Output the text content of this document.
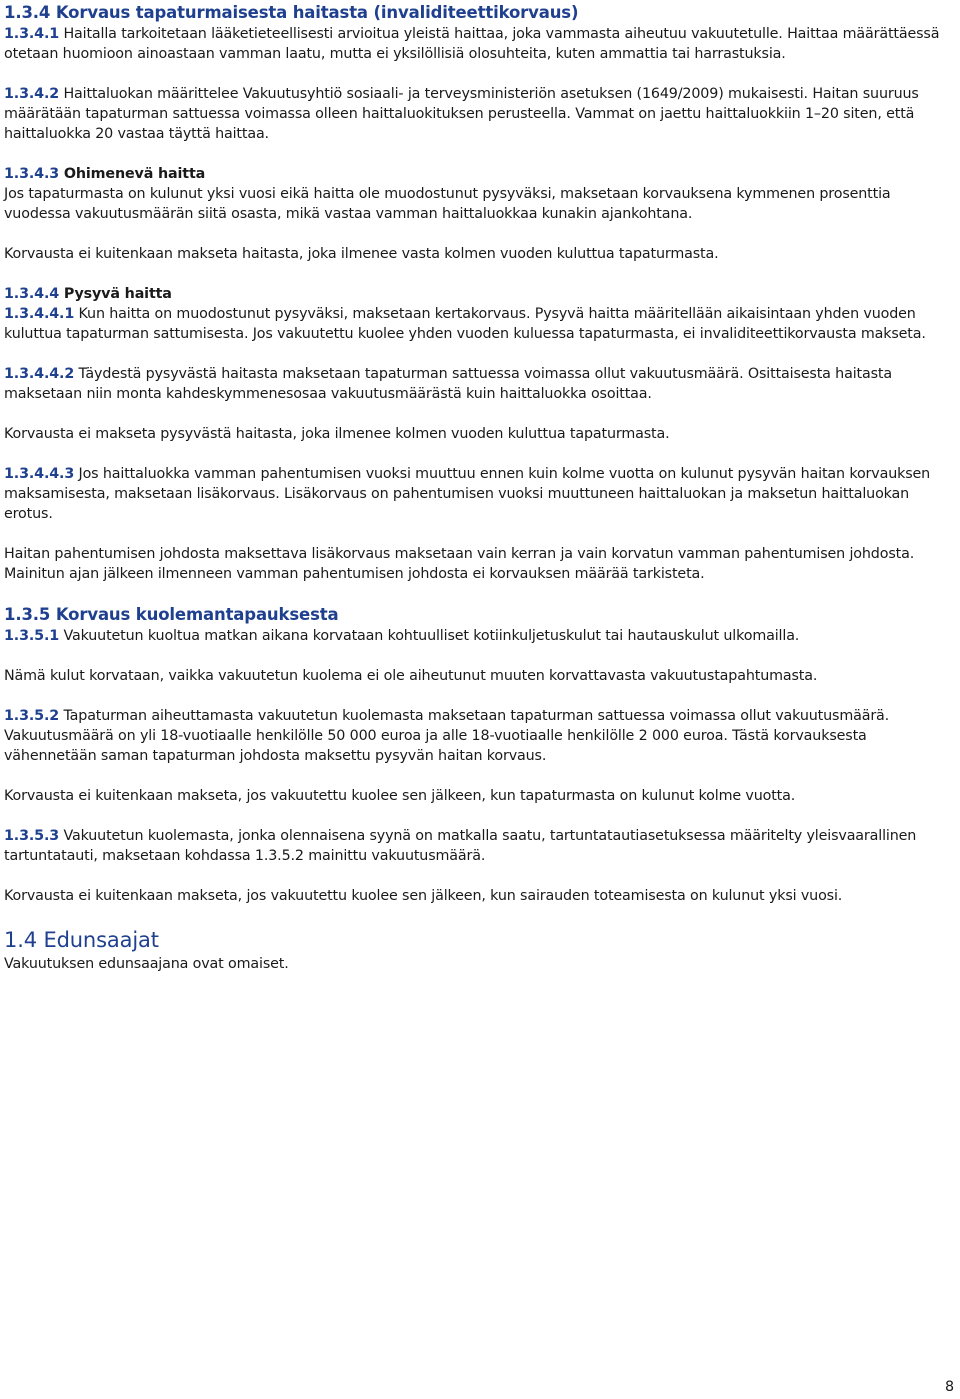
1.3.4 Korvaus tapaturmaisesta haitasta (invaliditeettikorvaus)

1.3.4.1 Haitalla tarkoitetaan lääketieteellisesti arvioitua yleistä haittaa, joka vammasta aiheutuu vakuutetulle. Haittaa määrättäessä otetaan huomioon ainoastaan vamman laatu, mutta ei yksilöllisiä olosuhteita, kuten ammattia tai harrastuksia.

1.3.4.2 Haittaluokan määrittelee Vakuutusyhtiö sosiaali- ja terveysministeriön asetuksen (1649/2009) mukaisesti. Haitan suuruus määrätään tapaturman sattuessa voimassa olleen haittaluokituksen perusteella. Vammat on jaettu haittaluokkiin 1–20 siten, että haittaluokka 20 vastaa täyttä haittaa.

1.3.4.3 Ohimenevä haitta

Jos tapaturmasta on kulunut yksi vuosi eikä haitta ole muodostunut pysyväksi, maksetaan korvauksena kymmenen prosenttia vuodessa vakuutusmäärän siitä osasta, mikä vastaa vamman haittaluokkaa kunakin ajankohtana.

Korvausta ei kuitenkaan makseta haitasta, joka ilmenee vasta kolmen vuoden kuluttua tapaturmasta.

1.3.4.4 Pysyvä haitta

1.3.4.4.1 Kun haitta on muodostunut pysyväksi, maksetaan kertakorvaus. Pysyvä haitta määritellään aikaisintaan yhden vuoden kuluttua tapaturman sattumisesta. Jos vakuutettu kuolee yhden vuoden kuluessa tapaturmasta, ei invaliditeettikorvausta makseta.

1.3.4.4.2 Täydestä pysyvästä haitasta maksetaan tapaturman sattuessa voimassa ollut vakuutusmäärä. Osittaisesta haitasta maksetaan niin monta kahdeskymmenesosaa vakuutusmäärästä kuin haittaluokka osoittaa.

Korvausta ei makseta pysyvästä haitasta, joka ilmenee kolmen vuoden kuluttua tapaturmasta.

1.3.4.4.3 Jos haittaluokka vamman pahentumisen vuoksi muuttuu ennen kuin kolme vuotta on kulunut pysyvän haitan korvauksen maksamisesta, maksetaan lisäkorvaus. Lisäkorvaus on pahentumisen vuoksi muuttuneen haittaluokan ja maksetun haittaluokan erotus.

Haitan pahentumisen johdosta maksettava lisäkorvaus maksetaan vain kerran ja vain korvatun vamman pahentumisen johdosta. Mainitun ajan jälkeen ilmenneen vamman pahentumisen johdosta ei korvauksen määrää tarkisteta.

1.3.5 Korvaus kuolemantapauksesta

1.3.5.1 Vakuutetun kuoltua matkan aikana korvataan kohtuulliset kotiinkuljetuskulut tai hautauskulut ulkomailla.

Nämä kulut korvataan, vaikka vakuutetun kuolema ei ole aiheutunut muuten korvattavasta vakuutustapahtumasta.

1.3.5.2 Tapaturman aiheuttamasta vakuutetun kuolemasta maksetaan tapaturman sattuessa voimassa ollut vakuutusmäärä. Vakuutusmäärä on yli 18-vuotiaalle henkilölle 50 000 euroa ja alle 18-vuotiaalle henkilölle 2 000 euroa. Tästä korvauksesta vähennetään saman tapaturman johdosta maksettu pysyvän haitan korvaus.

Korvausta ei kuitenkaan makseta, jos vakuutettu kuolee sen jälkeen, kun tapaturmasta on kulunut kolme vuotta.

1.3.5.3 Vakuutetun kuolemasta, jonka olennaisena syynä on matkalla saatu, tartuntatautiasetuksessa määritelty yleisvaarallinen tartuntatauti, maksetaan kohdassa 1.3.5.2 mainittu vakuutusmäärä.

Korvausta ei kuitenkaan makseta, jos vakuutettu kuolee sen jälkeen, kun sairauden toteamisesta on kulunut yksi vuosi.

1.4 Edunsaajat

Vakuutuksen edunsaajana ovat omaiset.

8
